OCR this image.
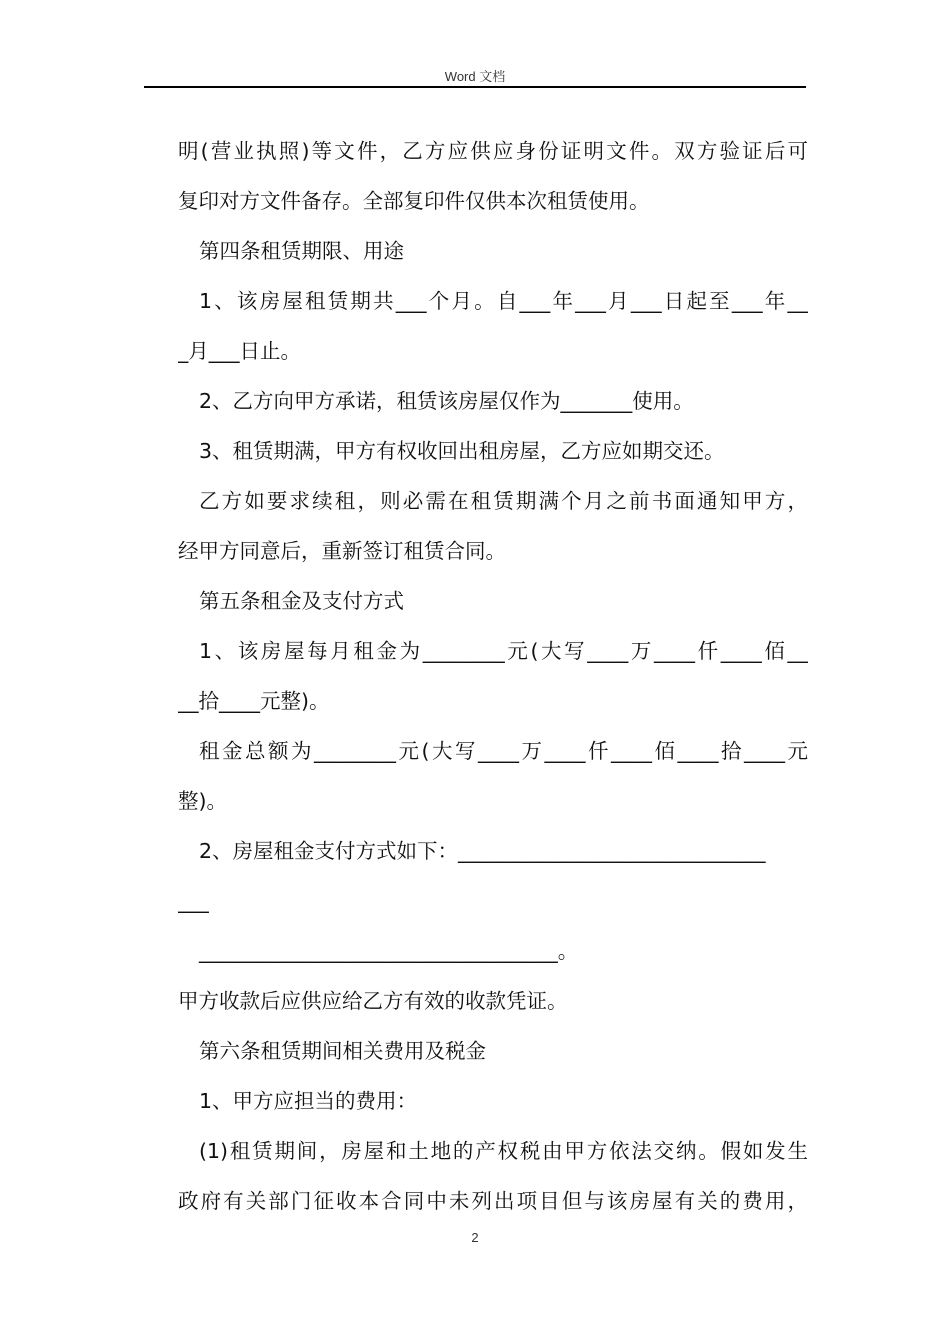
Word 文档
明(营业执照)等文件，乙方应供应身份证明文件。双方验证后可
复印对方文件备存。全部复印件仅供本次租赁使用。
第四条租赁期限、用途
1、该房屋租赁期共___个月。自___年___月___日起至___年__
_月___日止。
2、乙方向甲方承诺，租赁该房屋仅作为_______使用。
3、租赁期满，甲方有权收回出租房屋，乙方应如期交还。
乙方如要求续租，则必需在租赁期满个月之前书面通知甲方，
经甲方同意后，重新签订租赁合同。
第五条租金及支付方式
1、该房屋每月租金为________元(大写____万____仟____佰__
__拾____元整)。
租金总额为________元(大写____万____仟____佰____拾____元
整)。
2、房屋租金支付方式如下：______________________________
___
___________________________________。
甲方收款后应供应给乙方有效的收款凭证。
第六条租赁期间相关费用及税金
1、甲方应担当的费用：
(1)租赁期间，房屋和土地的产权税由甲方依法交纳。假如发生
政府有关部门征收本合同中未列出项目但与该房屋有关的费用，
2
